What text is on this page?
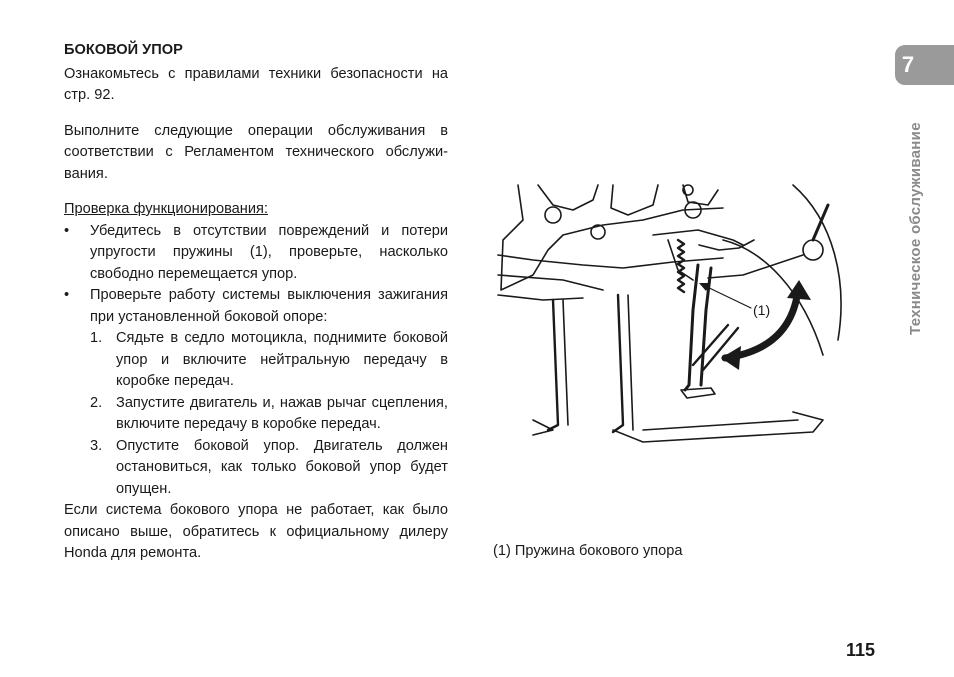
БОКОВОЙ УПОР

Ознакомьтесь с правилами техники безопасности на стр. 92.

Выполните следующие операции обслуживания в соответствии с Регламентом технического обслуживания.

Проверка функционирования:

• Убедитесь в отсутствии повреждений и потери упругости пружины (1), проверьте, насколько свободно перемещается упор.
• Проверьте работу системы выключения зажигания при установленной боковой опоре:
1. Сядьте в седло мотоцикла, поднимите боковой упор и включите нейтральную передачу в коробке передач.
2. Запустите двигатель и, нажав рычаг сцепления, включите передачу в коробке передач.
3. Опустите боковой упор. Двигатель должен остановиться, как только боковой упор будет опущен.

Если система бокового упора не работает, как было описано выше, обратитесь к официальному дилеру Honda для ремонта.

7
Техническое обслуживание
(1)
(1) Пружина бокового упора
115
